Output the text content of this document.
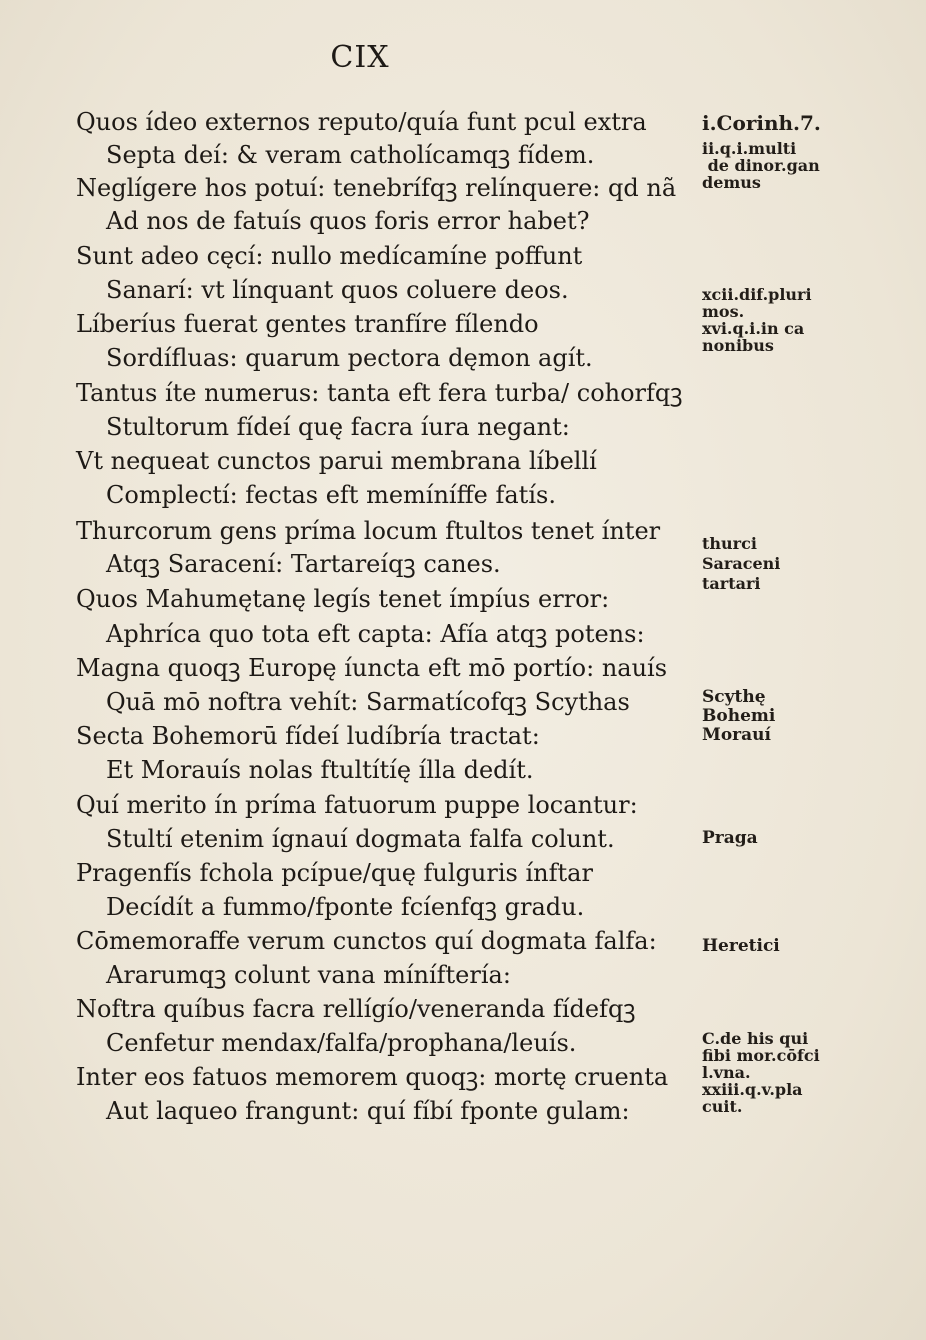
CIX
Quos ídeo externos reputo/quía funt pcul extra
Septa deí: & veram catholícamqꝫ fídem.
Neglígere hos potuí: tenebrífqꝫ relínquere: qd nã
Ad nos de fatuís quos foris error habet?
Sunt adeo cęcí: nullo medícamíne poffunt
Sanarí: vt línquant quos coluere deos.
Líberíus fuerat gentes tranfíre fílendo
Sordífluas: quarum pectora dęmon agít.
Tantus íte numerus: tanta eft fera turba/ cohorfqꝫ
Stultorum fídeí quę facra íura negant:
Vt nequeat cunctos parui membrana líbellí
Complectí: fectas eft memíníffe fatís.
Thurcorum gens príma locum ftultos tenet ínter
Atqꝫ Saracení: Tartareíqꝫ canes.
Quos Mahumętanę legís tenet ímpíus error:
Aphríca quo tota eft capta: Afía atqꝫ potens:
Magna quoqꝫ Europę íuncta eft mō portío: nauís
Quā mō noftra vehít: Sarmatícofqꝫ Scythas
Secta Bohemorū fídeí ludíbría tractat:
Et Morauís nolas ftultítíę ílla dedít.
Quí merito ín príma fatuorum puppe locantur:
Stultí etenim ígnauí dogmata falfa colunt.
Pragenfís fchola pcípue/quę fulguris ínftar
Decídít a fummo/fponte fcíenfqꝫ gradu.
Cōmemoraffe verum cunctos quí dogmata falfa:
Ararumqꝫ colunt vana míníftería:
Noftra quíbus facra rellígío/veneranda fídefqꝫ
Cenfetur mendax/falfa/prophana/leuís.
Inter eos fatuos memorem quoqꝫ: mortę cruenta
Aut laqueo frangunt: quí fíbí fponte gulam:
i.Corinh.7.
ii.q.i.multi
de dinor.gan
demus
xcii.dif.pluri
mos.
xvi.q.i.in ca
nonibus
thurci
Saraceni
tartari
Scythę
Bohemi
Morauí
Praga
Heretici
C.de his qui
fibi mor.cōfci
l.vna.
xxiii.q.v.pla
cuit.
